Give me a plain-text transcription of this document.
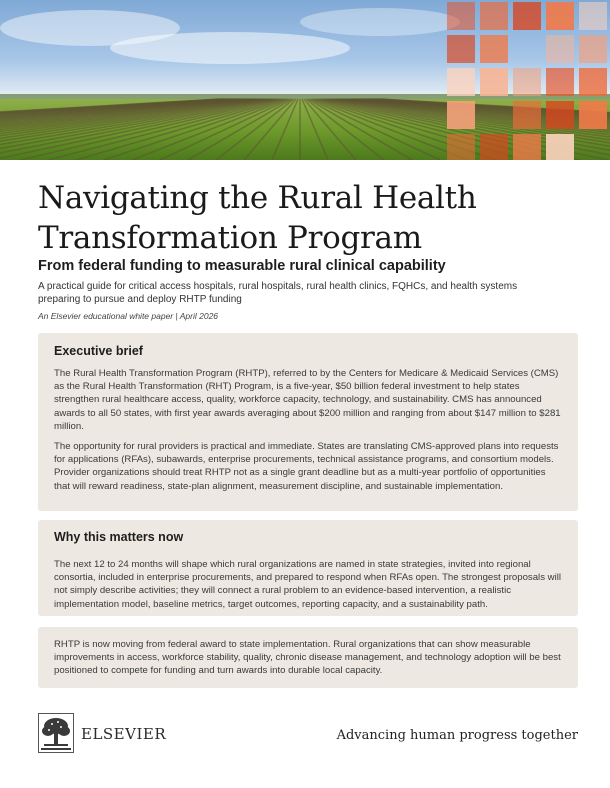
Navigating the Rural Health Transformation Program

From federal funding to measurable rural clinical capability

A practical guide for critical access hospitals, rural hospitals, rural health clinics, FQHCs, and health systems preparing to pursue and deploy RHTP funding

An Elsevier educational white paper | April 2026

Executive brief

The Rural Health Transformation Program (RHTP), referred to by the Centers for Medicare & Medicaid Services (CMS) as the Rural Health Transformation (RHT) Program, is a five-year, $50 billion federal investment to help states strengthen rural healthcare access, quality, workforce capacity, technology, and sustainability. CMS has announced awards to all 50 states, with first year awards averaging about $200 million and ranging from about $147 million to $281 million.

The opportunity for rural providers is practical and immediate. States are translating CMS-approved plans into requests for applications (RFAs), subawards, enterprise procurements, technical assistance programs, and consortium models. Provider organizations should treat RHTP not as a single grant deadline but as a multi-year portfolio of opportunities that will reward readiness, state-plan alignment, measurement discipline, and sustainable implementation.

Why this matters now

The next 12 to 24 months will shape which rural organizations are named in state strategies, invited into regional consortia, included in enterprise procurements, and prepared to respond when RFAs open. The strongest proposals will not simply describe activities; they will connect a rural problem to an evidence-based intervention, a realistic implementation model, baseline metrics, target outcomes, reporting capacity, and a sustainability path.

RHTP is now moving from federal award to state implementation. Rural organizations that can show measurable improvements in access, workforce stability, quality, chronic disease management, and technology adoption will be best positioned to compete for funding and turn awards into durable local capacity.

ELSEVIER	Advancing human progress together
